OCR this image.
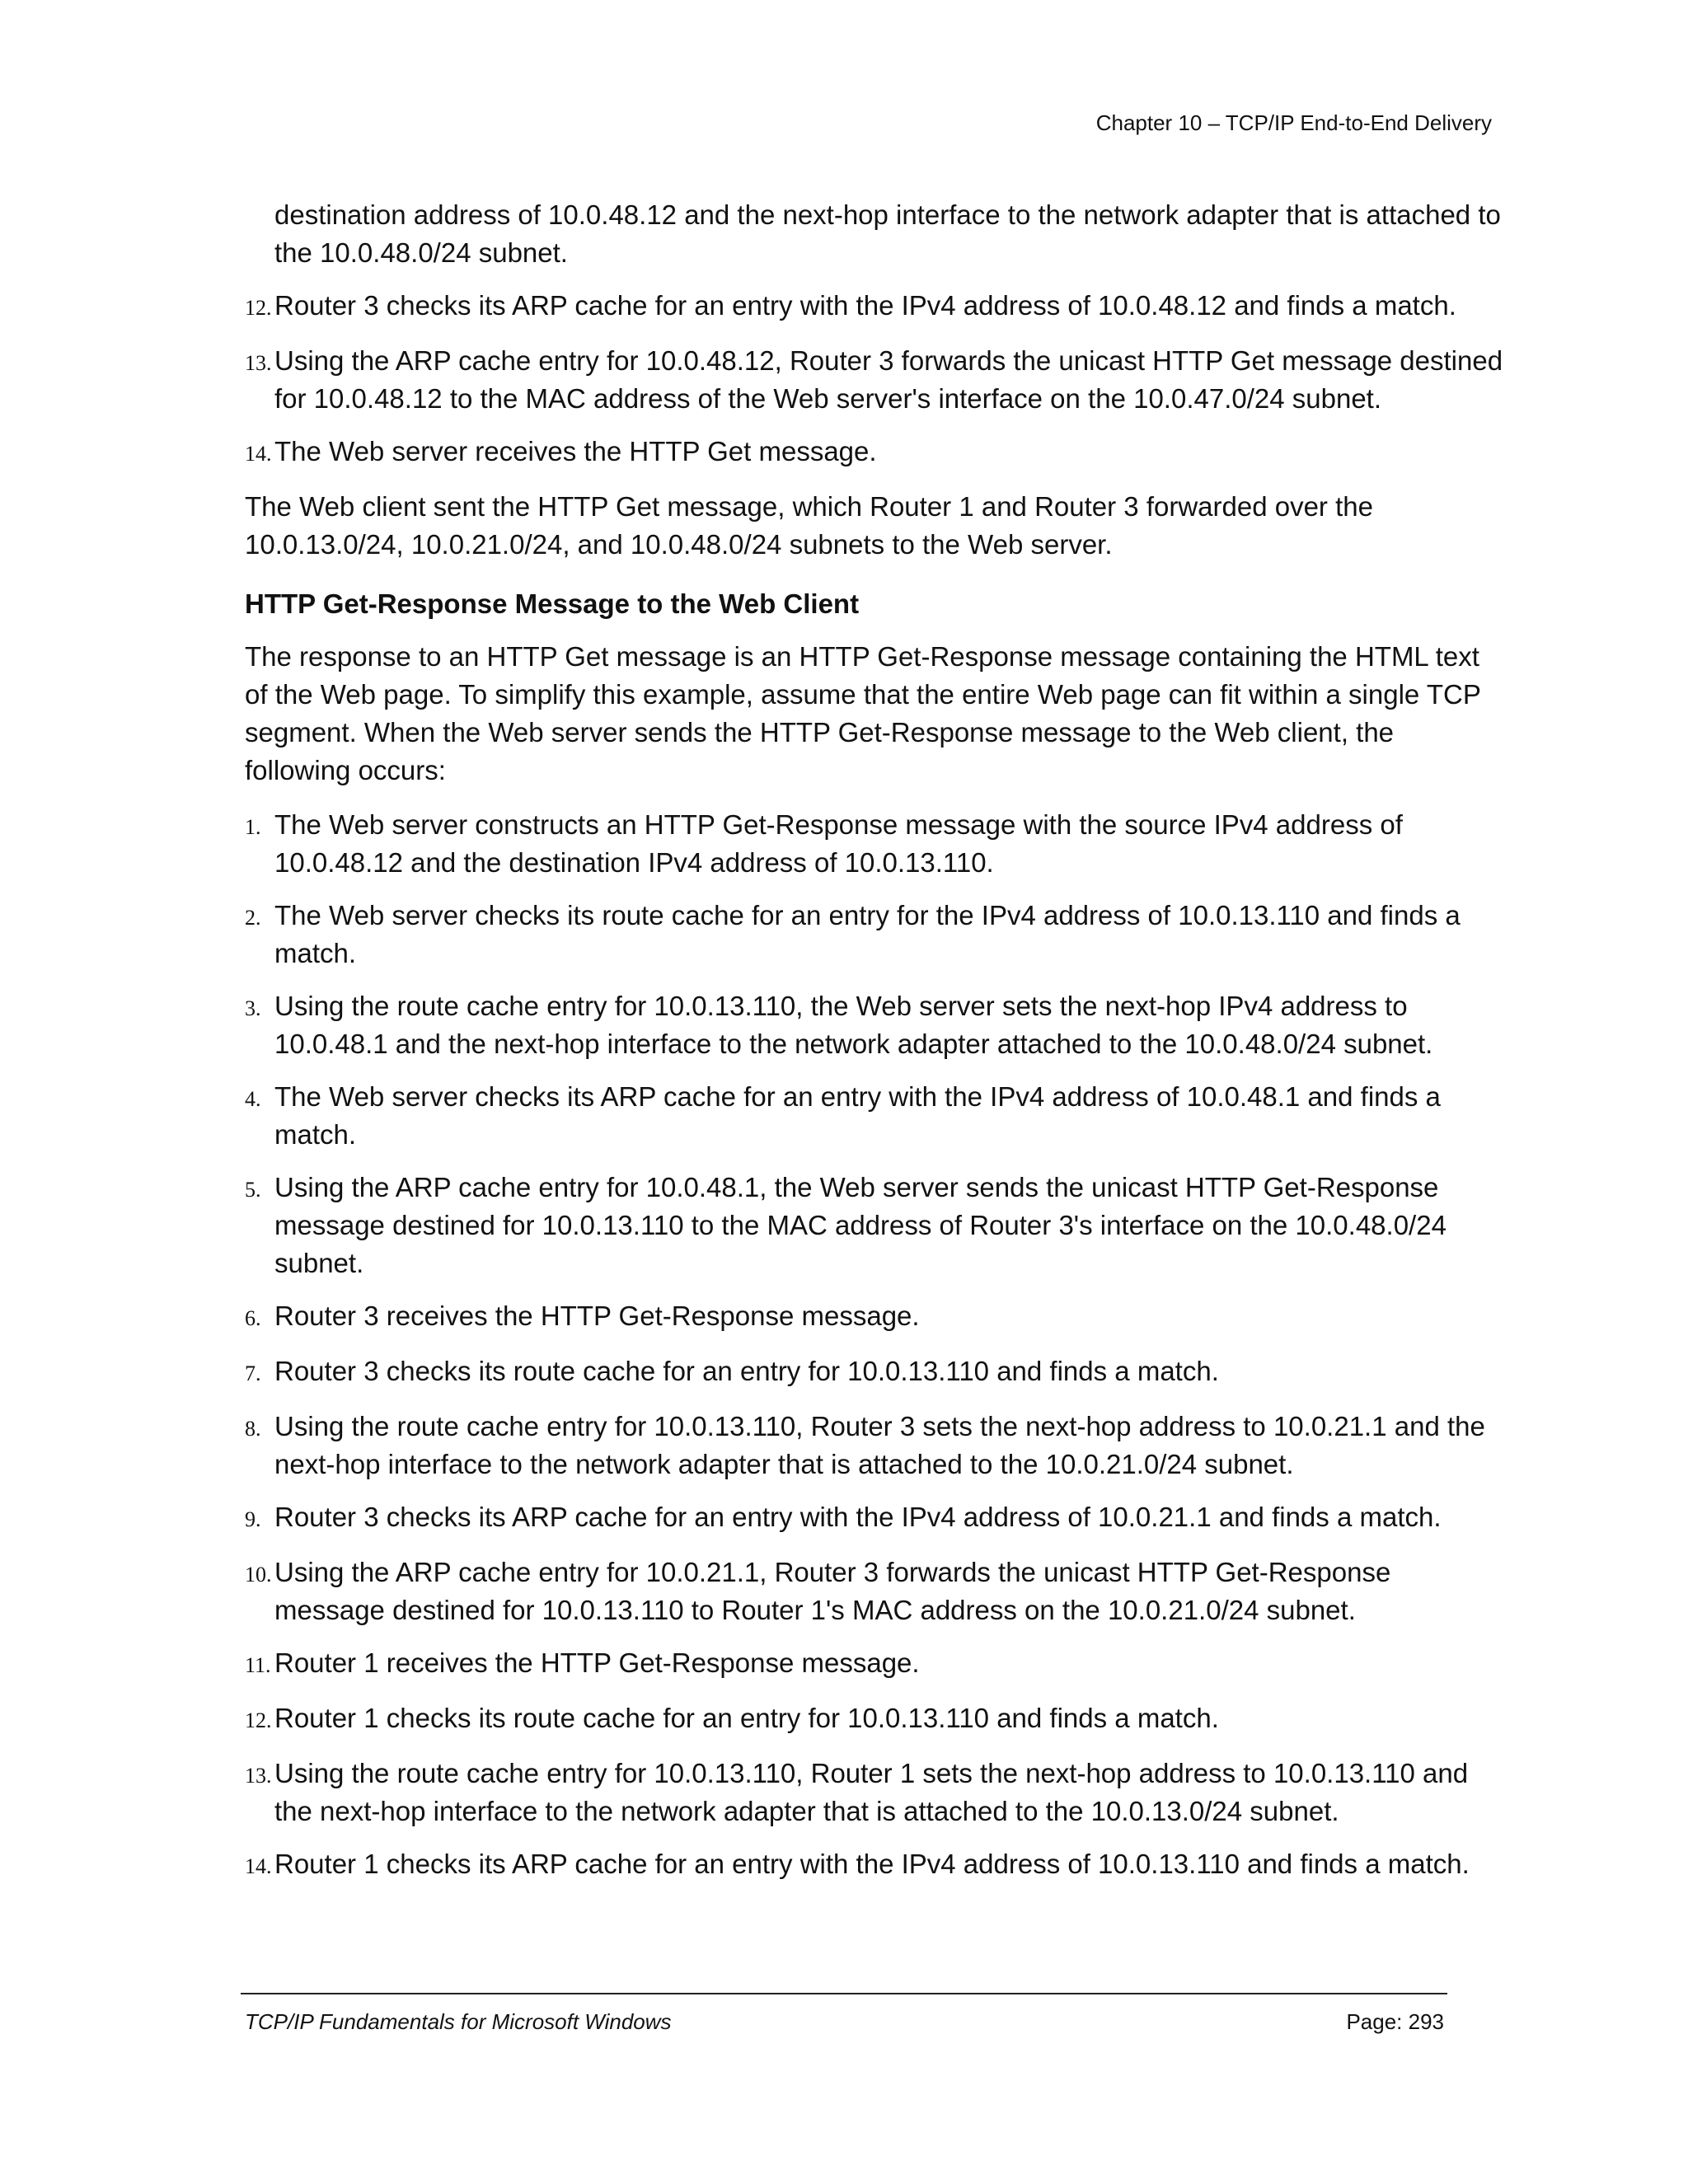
Chapter 10 – TCP/IP End-to-End Delivery

destination address of 10.0.48.12 and the next-hop interface to the network adapter that is attached to the 10.0.48.0/24 subnet.

12. Router 3 checks its ARP cache for an entry with the IPv4 address of 10.0.48.12 and finds a match.
13. Using the ARP cache entry for 10.0.48.12, Router 3 forwards the unicast HTTP Get message destined for 10.0.48.12 to the MAC address of the Web server's interface on the 10.0.47.0/24 subnet.
14. The Web server receives the HTTP Get message.

The Web client sent the HTTP Get message, which Router 1 and Router 3 forwarded over the 10.0.13.0/24, 10.0.21.0/24, and 10.0.48.0/24 subnets to the Web server.

HTTP Get-Response Message to the Web Client

The response to an HTTP Get message is an HTTP Get-Response message containing the HTML text of the Web page. To simplify this example, assume that the entire Web page can fit within a single TCP segment. When the Web server sends the HTTP Get-Response message to the Web client, the following occurs:

1. The Web server constructs an HTTP Get-Response message with the source IPv4 address of 10.0.48.12 and the destination IPv4 address of 10.0.13.110.
2. The Web server checks its route cache for an entry for the IPv4 address of 10.0.13.110 and finds a match.
3. Using the route cache entry for 10.0.13.110, the Web server sets the next-hop IPv4 address to 10.0.48.1 and the next-hop interface to the network adapter attached to the 10.0.48.0/24 subnet.
4. The Web server checks its ARP cache for an entry with the IPv4 address of 10.0.48.1 and finds a match.
5. Using the ARP cache entry for 10.0.48.1, the Web server sends the unicast HTTP Get-Response message destined for 10.0.13.110 to the MAC address of Router 3's interface on the 10.0.48.0/24 subnet.
6. Router 3 receives the HTTP Get-Response message.
7. Router 3 checks its route cache for an entry for 10.0.13.110 and finds a match.
8. Using the route cache entry for 10.0.13.110, Router 3 sets the next-hop address to 10.0.21.1 and the next-hop interface to the network adapter that is attached to the 10.0.21.0/24 subnet.
9. Router 3 checks its ARP cache for an entry with the IPv4 address of 10.0.21.1 and finds a match.
10. Using the ARP cache entry for 10.0.21.1, Router 3 forwards the unicast HTTP Get-Response message destined for 10.0.13.110 to Router 1's MAC address on the 10.0.21.0/24 subnet.
11. Router 1 receives the HTTP Get-Response message.
12. Router 1 checks its route cache for an entry for 10.0.13.110 and finds a match.
13. Using the route cache entry for 10.0.13.110, Router 1 sets the next-hop address to 10.0.13.110 and the next-hop interface to the network adapter that is attached to the 10.0.13.0/24 subnet.
14. Router 1 checks its ARP cache for an entry with the IPv4 address of 10.0.13.110 and finds a match.
TCP/IP Fundamentals for Microsoft Windows	Page: 293
